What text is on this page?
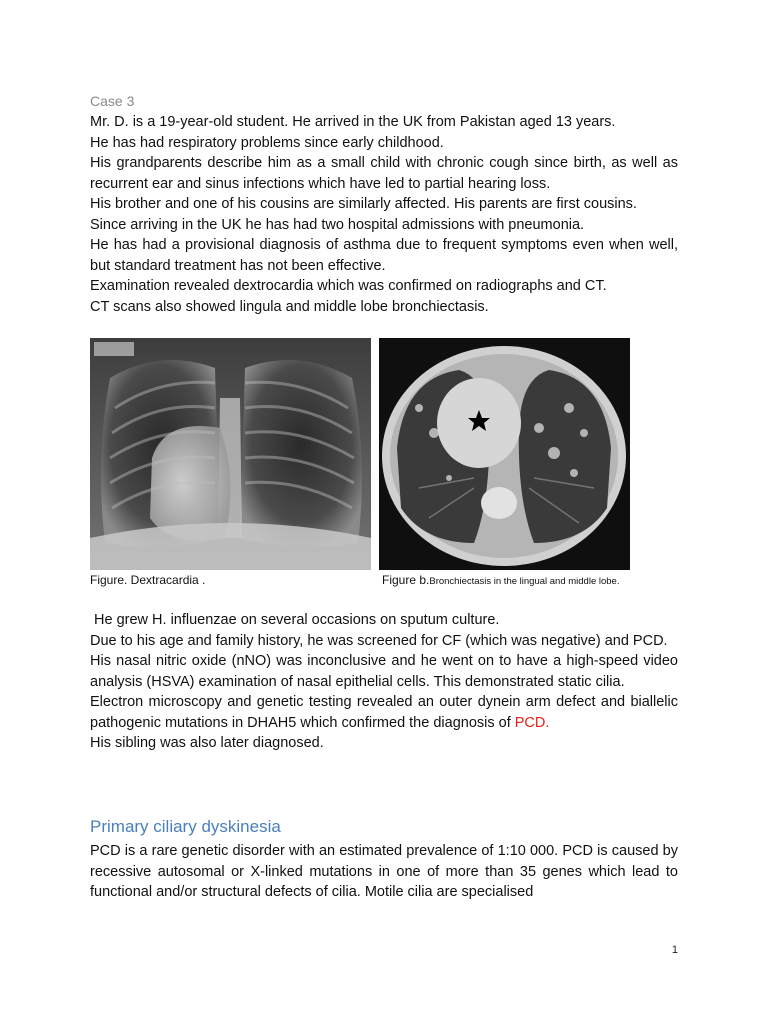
Case 3

Mr. D. is a 19-year-old student. He arrived in the UK from Pakistan aged 13 years.

He has had respiratory problems since early childhood.

His grandparents describe him as a small child with chronic cough since birth, as well as recurrent ear and sinus infections which have led to partial hearing loss.

His brother and one of his cousins are similarly affected. His parents are first cousins.

Since arriving in the UK he has had two hospital admissions with pneumonia.

He has had a provisional diagnosis of asthma due to frequent symptoms even when well, but standard treatment has not been effective.

Examination revealed dextrocardia which was confirmed on radiographs and CT.

CT scans also showed lingula and middle lobe bronchiectasis.

Figure. Dextracardia .	Figure b.Bronchiectasis in the lingual and middle lobe.

He grew H. influenzae on several occasions on sputum culture.

Due to his age and family history, he was screened for CF (which was negative) and PCD.

His nasal nitric oxide (nNO) was inconclusive and he went on to have a high-speed video analysis (HSVA) examination of nasal epithelial cells. This demonstrated static cilia.

Electron microscopy and genetic testing revealed an outer dynein arm defect and biallelic pathogenic mutations in DHAH5 which confirmed the diagnosis of PCD.

His sibling was also later diagnosed.

Primary ciliary dyskinesia

PCD is a rare genetic disorder with an estimated prevalence of 1:10 000. PCD is caused by recessive autosomal or X-linked mutations in one of more than 35 genes which lead to functional and/or structural defects of cilia. Motile cilia are specialised

1
